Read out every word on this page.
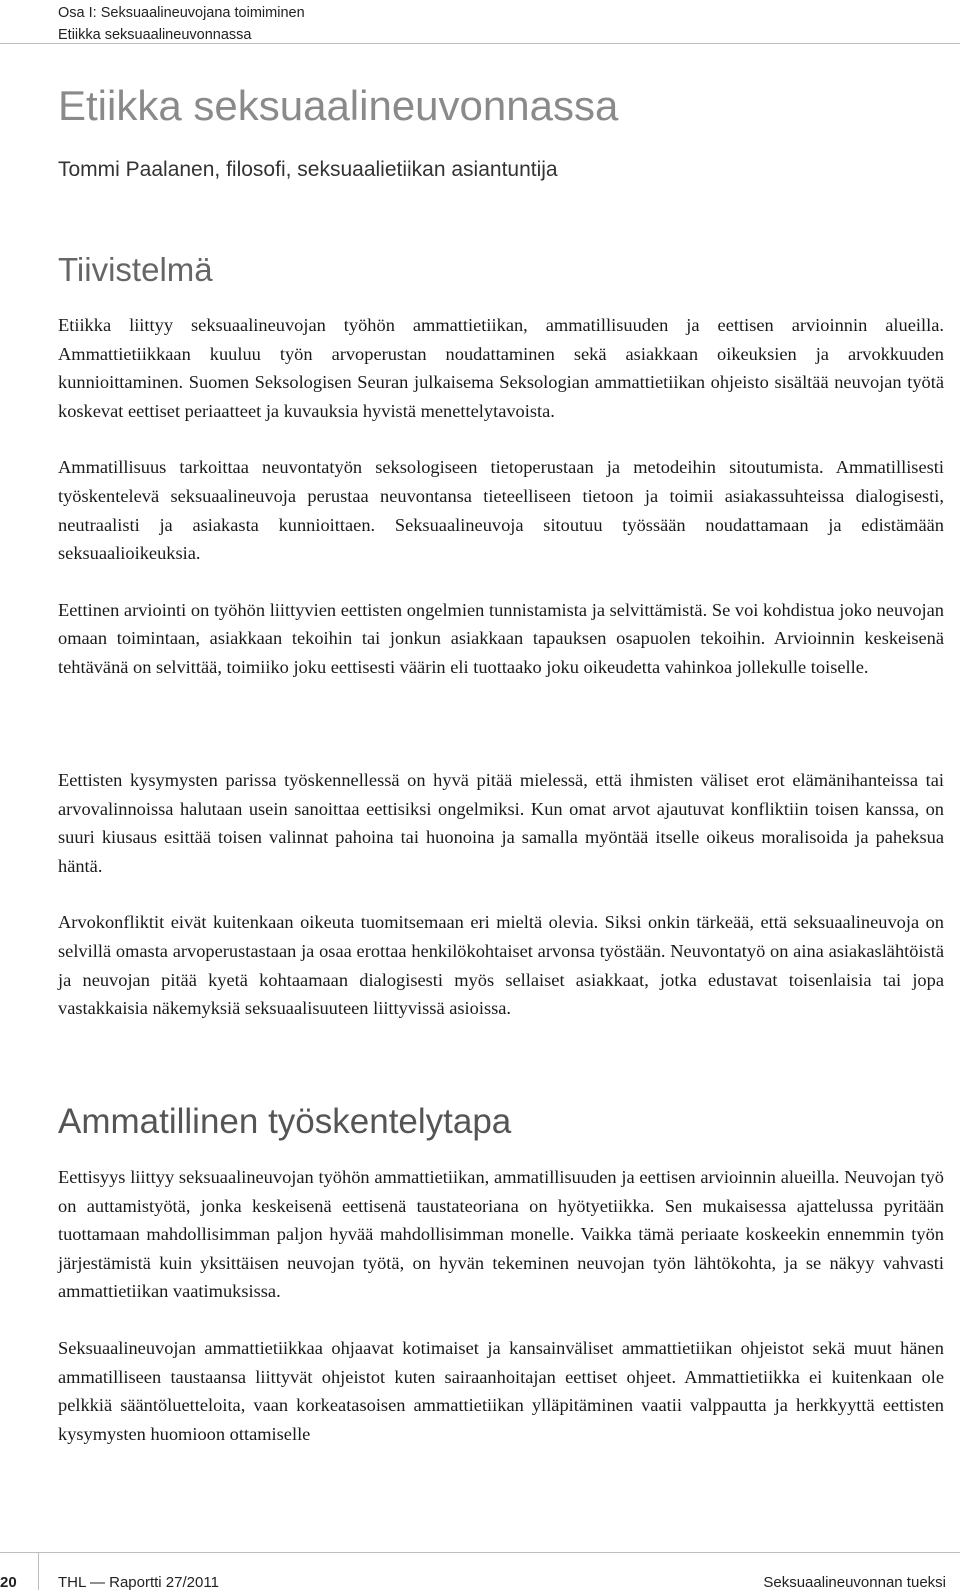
Osa I: Seksuaalineuvojana toimiminen
Etiikka seksuaalineuvonnassa
Etiikka seksuaalineuvonnassa
Tommi Paalanen, filosofi, seksuaalietiikan asiantuntija
Tiivistelmä

Etiikka liittyy seksuaalineuvojan työhön ammattietiikan, ammatillisuuden ja eettisen arvioinnin alueilla. Ammattietiikkaan kuuluu työn arvoperustan noudattaminen sekä asiakkaan oikeuksien ja arvokkuuden kunnioittaminen. Suomen Seksologisen Seuran julkaisema Seksologian ammattietiikan ohjeisto sisältää neuvojan työtä koskevat eettiset periaatteet ja kuvauksia hyvistä menettelytavoista.

Ammatillisuus tarkoittaa neuvontatyön seksologiseen tietoperustaan ja metodeihin sitoutumista. Ammatillisesti työskentelevä seksuaalineuvoja perustaa neuvontansa tieteelliseen tietoon ja toimii asiakassuhteissa dialogisesti, neutraalisti ja asiakasta kunnioittaen. Seksuaalineuvoja sitoutuu työssään noudattamaan ja edistämään seksuaalioikeuksia.

Eettinen arviointi on työhön liittyvien eettisten ongelmien tunnistamista ja selvittämistä. Se voi kohdistua joko neuvojan omaan toimintaan, asiakkaan tekoihin tai jonkun asiakkaan tapauksen osapuolen tekoihin. Arvioinnin keskeisenä tehtävänä on selvittää, toimiiko joku eettisesti väärin eli tuottaako joku oikeudetta vahinkoa jollekulle toiselle.

Eettisten kysymysten parissa työskennellessä on hyvä pitää mielessä, että ihmisten väliset erot elämänihanteissa tai arvovalinnoissa halutaan usein sanoittaa eettisiksi ongelmiksi. Kun omat arvot ajautuvat konfliktiin toisen kanssa, on suuri kiusaus esittää toisen valinnat pahoina tai huonoina ja samalla myöntää itselle oikeus moralisoida ja paheksua häntä.

Arvokonfliktit eivät kuitenkaan oikeuta tuomitsemaan eri mieltä olevia. Siksi onkin tärkeää, että seksuaalineuvoja on selvillä omasta arvoperustastaan ja osaa erottaa henkilökohtaiset arvonsa työstään. Neuvontatyö on aina asiakaslähtöistä ja neuvojan pitää kyetä kohtaamaan dialogisesti myös sellaiset asiakkaat, jotka edustavat toisenlaisia tai jopa vastakkaisia näkemyksiä seksuaalisuuteen liittyvissä asioissa.

Ammatillinen työskentelytapa

Eettisyys liittyy seksuaalineuvojan työhön ammattietiikan, ammatillisuuden ja eettisen arvioinnin alueilla. Neuvojan työ on auttamistyötä, jonka keskeisenä eettisenä taustateoriana on hyötyetiikka. Sen mukaisessa ajattelussa pyritään tuottamaan mahdollisimman paljon hyvää mahdollisimman monelle. Vaikka tämä periaate koskeekin ennemmin työn järjestämistä kuin yksittäisen neuvojan työtä, on hyvän tekeminen neuvojan työn lähtökohta, ja se näkyy vahvasti ammattietiikan vaatimuksissa.

Seksuaalineuvojan ammattietiikkaa ohjaavat kotimaiset ja kansainväliset ammattietiikan ohjeistot sekä muut hänen ammatilliseen taustaansa liittyvät ohjeistot kuten sairaanhoitajan eettiset ohjeet. Ammattietiikka ei kuitenkaan ole pelkkiä sääntöluetteloita, vaan korkeatasoisen ammattietiikan ylläpitäminen vaatii valppautta ja herkkyyttä eettisten kysymysten huomioon ottamiselle

20	THL — Raportti 27/2011	Seksuaalineuvonnan tueksi
